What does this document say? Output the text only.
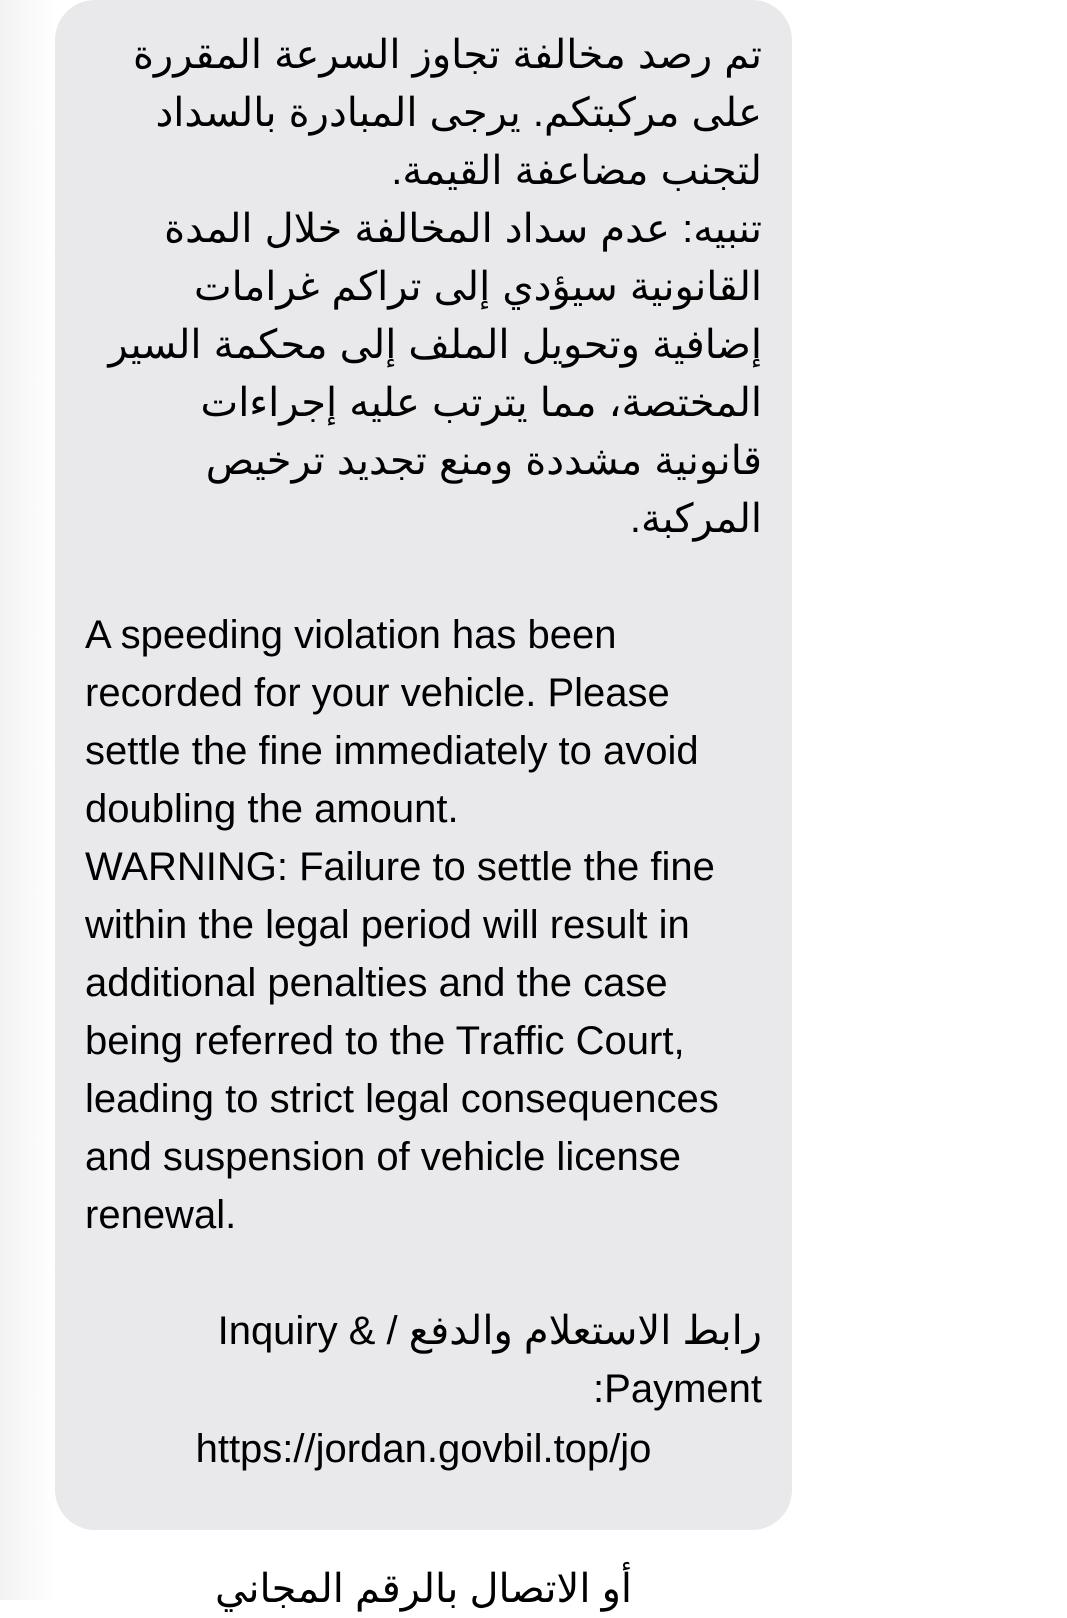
تم رصد مخالفة تجاوز السرعة المقررة على مركبتكم. يرجى المبادرة بالسداد لتجنب مضاعفة القيمة.

تنبيه: عدم سداد المخالفة خلال المدة القانونية سيؤدي إلى تراكم غرامات إضافية وتحويل الملف إلى محكمة السير المختصة، مما يترتب عليه إجراءات قانونية مشددة ومنع تجديد ترخيص المركبة.

A speeding violation has been recorded for your vehicle. Please settle the fine immediately to avoid doubling the amount.

WARNING: Failure to settle the fine within the legal period will result in additional penalties and the case being referred to the Traffic Court, leading to strict legal consequences and suspension of vehicle license renewal.

رابط الاستعلام والدفع / Inquiry & Payment:
https://jordan.govbil.top/jo
أو الاتصال بالرقم المجاني
